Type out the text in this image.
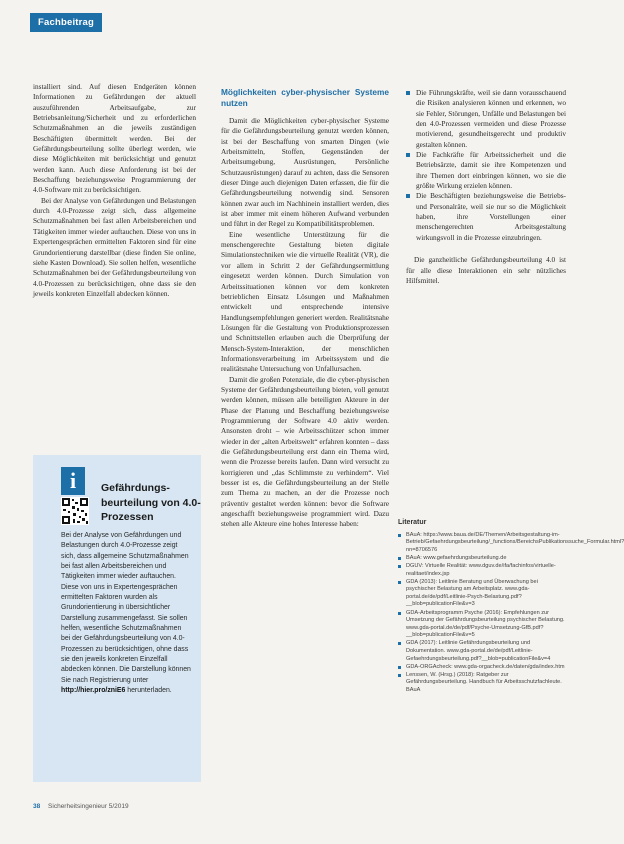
Fachbeitrag

installiert sind. Auf diesen Endgeräten können Informationen zu Gefährdungen der aktuell auszuführenden Arbeitsaufgabe, zur Betriebsanleitung/Sicherheit und zu erforderlichen Schutzmaßnahmen an die jeweils zuständigen Beschäftigten übermittelt werden. Bei der Gefährdungsbeurteilung sollte überlegt werden, wie diese Möglichkeiten mit berücksichtigt und genutzt werden kann. Auch diese Anforderung ist bei der Beschaffung beziehungsweise Programmierung der 4.0-Software mit zu berücksichtigen.

Bei der Analyse von Gefährdungen und Belastungen durch 4.0-Prozesse zeigt sich, dass allgemeine Schutzmaßnahmen bei fast allen Arbeitsbereichen und Tätigkeiten immer wieder auftauchen. Diese von uns in Expertengesprächen ermittelten Faktoren sind für eine Grundorientierung darstellbar (diese finden Sie online, siehe Kasten Download). Sie sollen helfen, wesentliche Schutzmaßnahmen bei der Gefährdungsbeurteilung von 4.0-Prozessen zu berücksichtigen, ohne dass sie den jeweils konkreten Einzelfall abdecken können.

i	Gefährdungs-beurteilung von 4.0-Prozessen
Bei der Analyse von Gefährdungen und Belastungen durch 4.0-Prozesse zeigt sich, dass allgemeine Schutzmaßnahmen bei fast allen Arbeitsbereichen und Tätigkeiten immer wieder auftauchen. Diese von uns in Expertengesprächen ermittelten Faktoren wurden als Grundorientierung in übersichtlicher Darstellung zusammengefasst. Sie sollen helfen, wesentliche Schutzmaßnahmen bei der Gefährdungsbeurteilung von 4.0-Prozessen zu berücksichtigen, ohne dass sie den jeweils konkreten Einzelfall abdecken können. Die Darstellung können Sie nach Registrierung unter http://hier.pro/zniE6 herunterladen.
Möglichkeiten cyber-physischer Systeme nutzen

Damit die Möglichkeiten cyber-physischer Systeme für die Gefährdungsbeurteilung genutzt werden können, ist bei der Beschaffung von smarten Dingen (wie Arbeitsmitteln, Stoffen, Gegenständen der Arbeitsumgebung, Ausrüstungen, Persönliche Schutzausrüstungen) darauf zu achten, dass die Sensoren dieser Dinge auch diejenigen Daten erfassen, die für die Gefährdungsbeurteilung notwendig sind. Sensoren können zwar auch im Nachhinein installiert werden, dies ist aber immer mit einem höheren Aufwand verbunden und führt in der Regel zu Kompatibilitätsproblemen.

Eine wesentliche Unterstützung für die menschengerechte Gestaltung bieten digitale Simulationstechniken wie die virtuelle Realität (VR), die vor allem in Schritt 2 der Gefährdungsermittlung eingesetzt werden können. Durch Simulation von Arbeitssituationen können vor dem konkreten betrieblichen Einsatz Lösungen und Maßnahmen entwickelt und entsprechende intensive Handlungsempfehlungen generiert werden. Realitätsnahe Lösungen für die Gestaltung von Produktionsprozessen und Schnittstellen erlauben auch die Überprüfung der Mensch-System-Interaktion, der menschlichen Informationsverarbeitung im Arbeitssystem und die realitätsnahe Untersuchung von Unfallursachen.

Damit die großen Potenziale, die die cyber-physischen Systeme der Gefährdungsbeurteilung bieten, voll genutzt werden können, müssen alle beteiligten Akteure in der Phase der Planung und Beschaffung beziehungsweise Programmierung der Software 4.0 aktiv werden. Ansonsten droht – wie Arbeitsschützer schon immer wieder in der „alten Arbeitswelt“ erfahren konnten – dass die Gefährdungsbeurteilung erst dann ein Thema wird, wenn die Prozesse bereits laufen. Dann wird versucht zu korrigieren und „das Schlimmste zu verhindern“. Viel besser ist es, die Gefährdungsbeurteilung an der Stelle zum Thema zu machen, an der die Prozesse noch präventiv gestaltet werden können: bevor die Software angeschafft beziehungsweise programmiert wird. Dazu stehen alle Akteure eine hohes Interesse haben:

Die Führungskräfte, weil sie dann vorausschauend die Risiken analysieren können und erkennen, wo sie Fehler, Störungen, Unfälle und Belastungen bei den 4.0-Prozessen vermeiden und diese Prozesse motivierend, gesundheitsgerecht und produktiv gestalten können.
Die Fachkräfte für Arbeitssicherheit und die Betriebsärzte, damit sie ihre Kompetenzen und ihre Themen dort einbringen können, wo sie die größte Wirkung erzielen können.
Die Beschäftigten beziehungsweise die Betriebs- und Personalräte, weil sie nur so die Möglichkeit haben, ihre Vorstellungen einer menschengerechten Arbeitsgestaltung wirkungsvoll in die Prozesse einzubringen.

Die ganzheitliche Gefährdungsbeurteilung 4.0 ist für alle diese Interaktionen ein sehr nützliches Hilfsmittel.

Literatur
BAuA: https://www.baua.de/DE/Themen/Arbeitsgestaltung-im-Betrieb/Gefaehrdungsbeurteilung/_functions/BereichsPublikationssuche_Formular.html?nn=8706576
BAuA: www.gefaehrdungsbeurteilung.de
DGUV: Virtuelle Realität: www.dguv.de/ifa/fachinfos/virtuelle-realitaet/index.jsp
GDA (2013): Leitlinie Beratung und Überwachung bei psychischer Belastung am Arbeitsplatz. www.gda-portal.de/de/pdf/Leitlinie-Psych-Belastung.pdf?__blob=publicationFile&v=3
GDA-Arbeitsprogramm Psyche (2016): Empfehlungen zur Umsetzung der Gefährdungsbeurteilung psychischer Belastung. www.gda-portal.de/de/pdf/Psyche-Umsetzung-GfB.pdf?__blob=publicationFile&v=5
GDA (2017): Leitlinie Gefährdungsbeurteilung und Dokumentation. www.gda-portal.de/de/pdf/Leitlinie-Gefaehrdungsbeurteilung.pdf?__blob=publicationFile&v=4
GDA-ORGAcheck: www.gda-orgacheck.de/daten/gda/index.htm
Lenssen, W. (Hrsg.) (2018): Ratgeber zur Gefährdungsbeurteilung. Handbuch für Arbeitsschutzfachleute. BAuA
38 Sicherheitsingenieur 5/2019
